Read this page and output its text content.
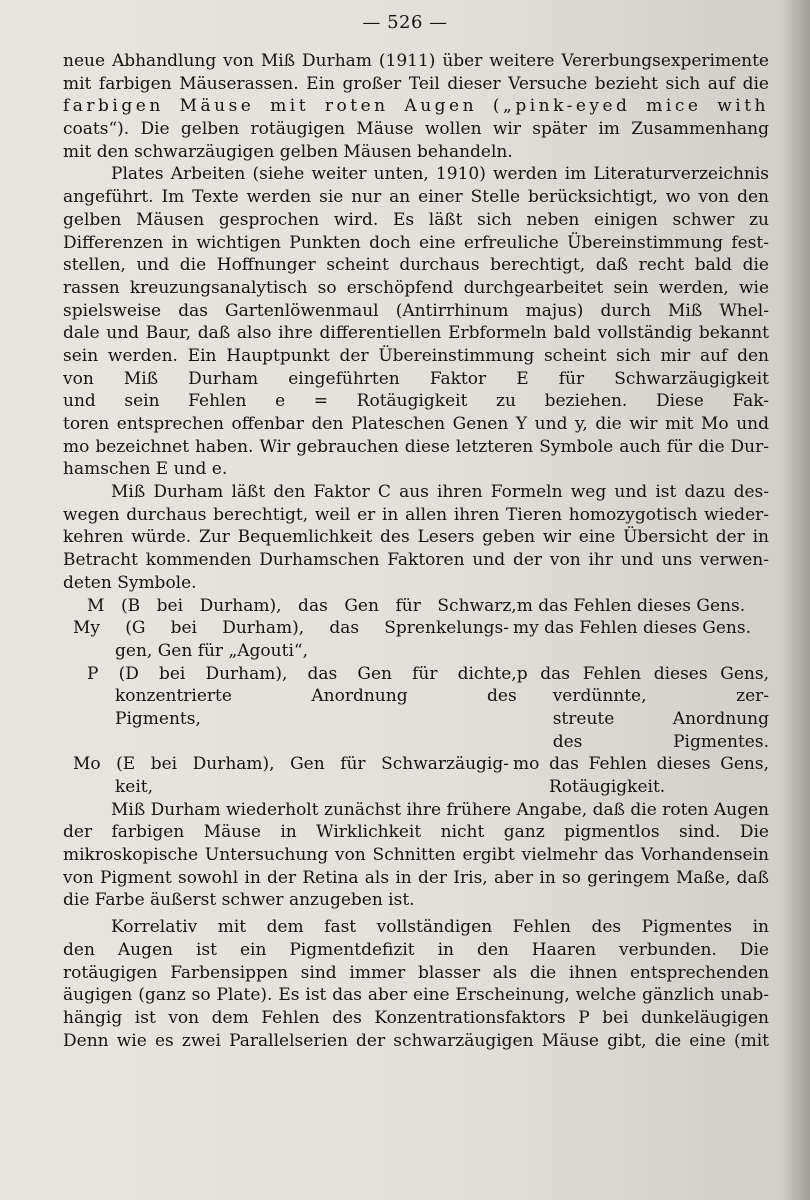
— 526 —
neue Abhandlung von Miß Durham (1911) über weitere Vererbungsexperimente
mit farbigen Mäuserassen. Ein großer Teil dieser Versuche bezieht sich auf die
farbigen Mäuse mit roten Augen („pink-eyed mice with
coats“). Die gelben rotäugigen Mäuse wollen wir später im Zusammenhang
mit den schwarzäugigen gelben Mäusen behandeln.
Plates Arbeiten (siehe weiter unten, 1910) werden im Literaturverzeichnis
angeführt. Im Texte werden sie nur an einer Stelle berücksichtigt, wo von den
gelben Mäusen gesprochen wird. Es läßt sich neben einigen schwer zu
Differenzen in wichtigen Punkten doch eine erfreuliche Übereinstimmung fest-
stellen, und die Hoffnunger scheint durchaus berechtigt, daß recht bald die
rassen kreuzungsanalytisch so erschöpfend durchgearbeitet sein werden, wie
spielsweise das Gartenlöwenmaul (Antirrhinum majus) durch Miß Whel-
dale und Baur, daß also ihre differentiellen Erbformeln bald vollständig bekannt
sein werden. Ein Hauptpunkt der Übereinstimmung scheint sich mir auf den
von Miß Durham eingeführten Faktor E für Schwarzäugigkeit
und sein Fehlen e = Rotäugigkeit zu beziehen. Diese Fak-
toren entsprechen offenbar den Plateschen Genen Y und y, die wir mit Mo und
mo bezeichnet haben. Wir gebrauchen diese letzteren Symbole auch für die Dur-
hamschen E und e.
Miß Durham läßt den Faktor C aus ihren Formeln weg und ist dazu des-
wegen durchaus berechtigt, weil er in allen ihren Tieren homozygotisch wieder-
kehren würde. Zur Bequemlichkeit des Lesers geben wir eine Übersicht der in
Betracht kommenden Durhamschen Faktoren und der von ihr und uns verwen-
deten Symbole.
M (B bei Durham), das Gen für Schwarz, m das Fehlen dieses Gens.
My (G bei Durham), das Sprenkelungs-
gen, Gen für „Agouti“,
my das Fehlen dieses Gens.
P (D bei Durham), das Gen für dichte,
konzentrierte Anordnung des
Pigments,
p das Fehlen dieses Gens,
verdünnte, zer-
streute Anordnung
des Pigmentes.
Mo (E bei Durham), Gen für Schwarzäugig-
keit,
mo das Fehlen dieses Gens,
Rotäugigkeit.
Miß Durham wiederholt zunächst ihre frühere Angabe, daß die roten Augen
der farbigen Mäuse in Wirklichkeit nicht ganz pigmentlos sind. Die
mikroskopische Untersuchung von Schnitten ergibt vielmehr das Vorhandensein
von Pigment sowohl in der Retina als in der Iris, aber in so geringem Maße, daß
die Farbe äußerst schwer anzugeben ist.
Korrelativ mit dem fast vollständigen Fehlen des Pigmentes in
den Augen ist ein Pigmentdefizit in den Haaren verbunden. Die
rotäugigen Farbensippen sind immer blasser als die ihnen entsprechenden
äugigen (ganz so Plate). Es ist das aber eine Erscheinung, welche gänzlich unab-
hängig ist von dem Fehlen des Konzentrationsfaktors P bei dunkeläugigen
Denn wie es zwei Parallelserien der schwarzäugigen Mäuse gibt, die eine (mit
